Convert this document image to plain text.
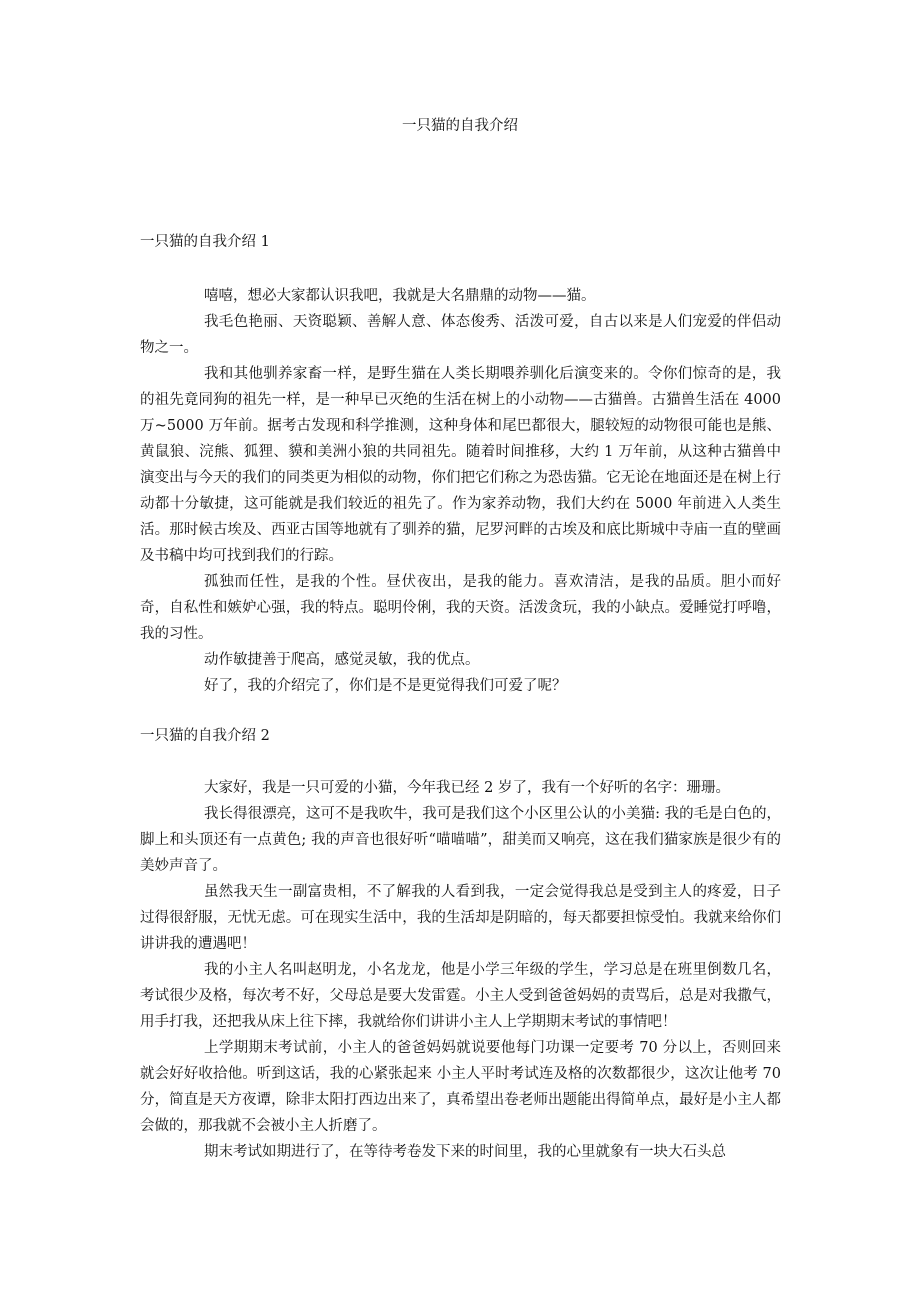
一只猫的自我介绍
一只猫的自我介绍 1

嘻嘻，想必大家都认识我吧，我就是大名鼎鼎的动物——猫。

我毛色艳丽、天资聪颖、善解人意、体态俊秀、活泼可爱，自古以来是人们宠爱的伴侣动物之一。

我和其他驯养家畜一样，是野生猫在人类长期喂养驯化后演变来的。令你们惊奇的是，我的祖先竟同狗的祖先一样，是一种早已灭绝的生活在树上的小动物——古猫兽。古猫兽生活在 4000 万~5000 万年前。据考古发现和科学推测，这种身体和尾巴都很大，腿较短的动物很可能也是熊、黄鼠狼、浣熊、狐狸、貘和美洲小狼的共同祖先。随着时间推移，大约 1 万年前，从这种古猫兽中演变出与今天的我们的同类更为相似的动物，你们把它们称之为恐齿猫。它无论在地面还是在树上行动都十分敏捷，这可能就是我们较近的祖先了。作为家养动物，我们大约在 5000 年前进入人类生活。那时候古埃及、西亚古国等地就有了驯养的猫，尼罗河畔的古埃及和底比斯城中寺庙一直的壁画及书稿中均可找到我们的行踪。

孤独而任性，是我的个性。昼伏夜出，是我的能力。喜欢清洁，是我的品质。胆小而好奇，自私性和嫉妒心强，我的特点。聪明伶俐，我的天资。活泼贪玩，我的小缺点。爱睡觉打呼噜，我的习性。

动作敏捷善于爬高，感觉灵敏，我的优点。

好了，我的介绍完了，你们是不是更觉得我们可爱了呢？

一只猫的自我介绍 2

大家好，我是一只可爱的小猫，今年我已经 2 岁了，我有一个好听的名字：珊珊。

我长得很漂亮，这可不是我吹牛，我可是我们这个小区里公认的小美猫: 我的毛是白色的，脚上和头顶还有一点黄色; 我的声音也很好听“喵喵喵”，甜美而又响亮，这在我们猫家族是很少有的美妙声音了。

虽然我天生一副富贵相，不了解我的人看到我，一定会觉得我总是受到主人的疼爱，日子过得很舒服，无忧无虑。可在现实生活中，我的生活却是阴暗的，每天都要担惊受怕。我就来给你们讲讲我的遭遇吧！

我的小主人名叫赵明龙，小名龙龙，他是小学三年级的学生，学习总是在班里倒数几名，考试很少及格，每次考不好，父母总是要大发雷霆。小主人受到爸爸妈妈的责骂后，总是对我撒气，用手打我，还把我从床上往下摔，我就给你们讲讲小主人上学期期末考试的事情吧！

上学期期末考试前，小主人的爸爸妈妈就说要他每门功课一定要考 70 分以上，否则回来就会好好收拾他。听到这话，我的心紧张起来 小主人平时考试连及格的次数都很少，这次让他考 70 分，简直是天方夜谭，除非太阳打西边出来了，真希望出卷老师出题能出得简单点，最好是小主人都会做的，那我就不会被小主人折磨了。

期末考试如期进行了，在等待考卷发下来的时间里，我的心里就象有一块大石头总
